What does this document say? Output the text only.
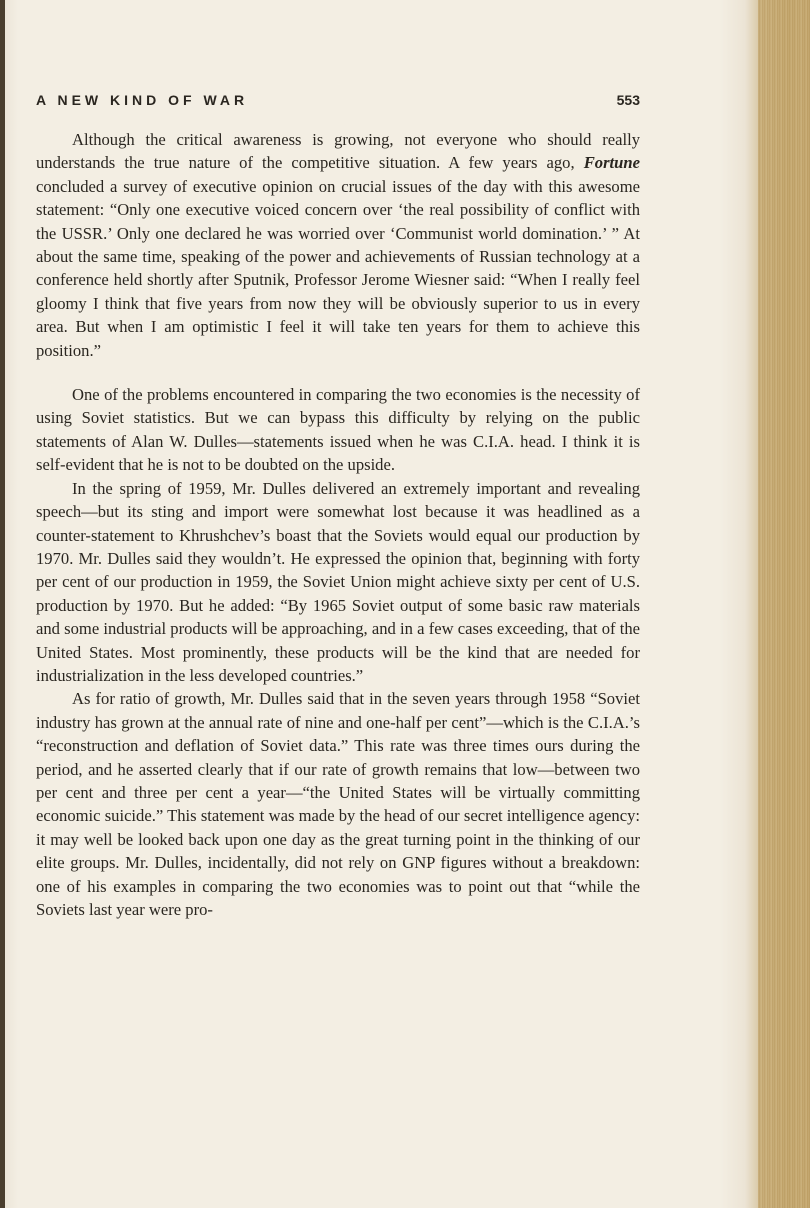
A NEW KIND OF WAR	553

Although the critical awareness is growing, not everyone who should really understands the true nature of the competitive situation. A few years ago, Fortune concluded a survey of executive opinion on crucial issues of the day with this awesome statement: “Only one executive voiced concern over ‘the real possibility of conflict with the USSR.’ Only one declared he was worried over ‘Communist world domination.’ ” At about the same time, speaking of the power and achievements of Russian technology at a conference held shortly after Sputnik, Professor Jerome Wiesner said: “When I really feel gloomy I think that five years from now they will be obviously superior to us in every area. But when I am optimistic I feel it will take ten years for them to achieve this position.”

One of the problems encountered in comparing the two economies is the necessity of using Soviet statistics. But we can bypass this difficulty by relying on the public statements of Alan W. Dulles—statements issued when he was C.I.A. head. I think it is self-evident that he is not to be doubted on the upside.

In the spring of 1959, Mr. Dulles delivered an extremely important and revealing speech—but its sting and import were somewhat lost because it was headlined as a counter-statement to Khrushchev’s boast that the Soviets would equal our production by 1970. Mr. Dulles said they wouldn’t. He expressed the opinion that, beginning with forty per cent of our production in 1959, the Soviet Union might achieve sixty per cent of U.S. production by 1970. But he added: “By 1965 Soviet output of some basic raw materials and some industrial products will be approaching, and in a few cases exceeding, that of the United States. Most prominently, these products will be the kind that are needed for industrialization in the less developed countries.”

As for ratio of growth, Mr. Dulles said that in the seven years through 1958 “Soviet industry has grown at the annual rate of nine and one-half per cent”—which is the C.I.A.’s “reconstruction and deflation of Soviet data.” This rate was three times ours during the period, and he asserted clearly that if our rate of growth remains that low—between two per cent and three per cent a year—“the United States will be virtually committing economic suicide.” This statement was made by the head of our secret intelligence agency: it may well be looked back upon one day as the great turning point in the thinking of our elite groups. Mr. Dulles, incidentally, did not rely on GNP figures without a breakdown: one of his examples in comparing the two economies was to point out that “while the Soviets last year were pro-
